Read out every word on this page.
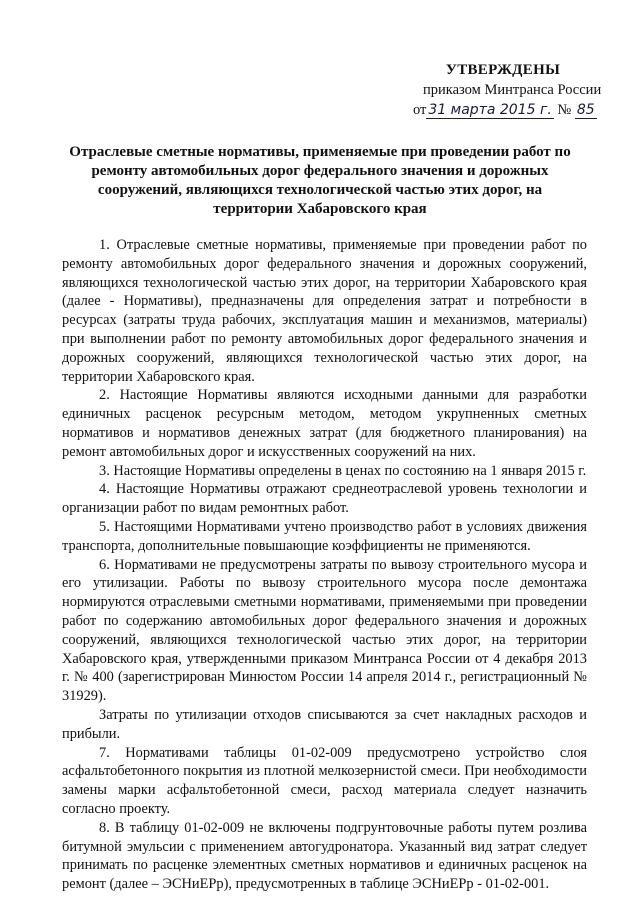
УТВЕРЖДЕНЫ
приказом Минтранса России
от 31 марта 2015 г. № 85
Отраслевые сметные нормативы, применяемые при проведении работ по ремонту автомобильных дорог федерального значения и дорожных сооружений, являющихся технологической частью этих дорог, на территории Хабаровского края

1. Отраслевые сметные нормативы, применяемые при проведении работ по ремонту автомобильных дорог федерального значения и дорожных сооружений, являющихся технологической частью этих дорог, на территории Хабаровского края (далее - Нормативы), предназначены для определения затрат и потребности в ресурсах (затраты труда рабочих, эксплуатация машин и механизмов, материалы) при выполнении работ по ремонту автомобильных дорог федерального значения и дорожных сооружений, являющихся технологической частью этих дорог, на территории Хабаровского края.

2. Настоящие Нормативы являются исходными данными для разработки единичных расценок ресурсным методом, методом укрупненных сметных нормативов и нормативов денежных затрат (для бюджетного планирования) на ремонт автомобильных дорог и искусственных сооружений на них.

3. Настоящие Нормативы определены в ценах по состоянию на 1 января 2015 г.

4. Настоящие Нормативы отражают среднеотраслевой уровень технологии и организации работ по видам ремонтных работ.

5. Настоящими Нормативами учтено производство работ в условиях движения транспорта, дополнительные повышающие коэффициенты не применяются.

6. Нормативами не предусмотрены затраты по вывозу строительного мусора и его утилизации. Работы по вывозу строительного мусора после демонтажа нормируются отраслевыми сметными нормативами, применяемыми при проведении работ по содержанию автомобильных дорог федерального значения и дорожных сооружений, являющихся технологической частью этих дорог, на территории Хабаровского края, утвержденными приказом Минтранса России от 4 декабря 2013 г. № 400 (зарегистрирован Минюстом России 14 апреля 2014 г., регистрационный № 31929).

Затраты по утилизации отходов списываются за счет накладных расходов и прибыли.

7. Нормативами таблицы 01-02-009 предусмотрено устройство слоя асфальтобетонного покрытия из плотной мелкозернистой смеси. При необходимости замены марки асфальтобетонной смеси, расход материала следует назначить согласно проекту.

8. В таблицу 01-02-009 не включены подгрунтовочные работы путем розлива битумной эмульсии с применением автогудронатора. Указанный вид затрат следует принимать по расценке элементных сметных нормативов и единичных расценок на ремонт (далее – ЭСНиЕРр), предусмотренных в таблице ЭСНиЕРр - 01-02-001.
